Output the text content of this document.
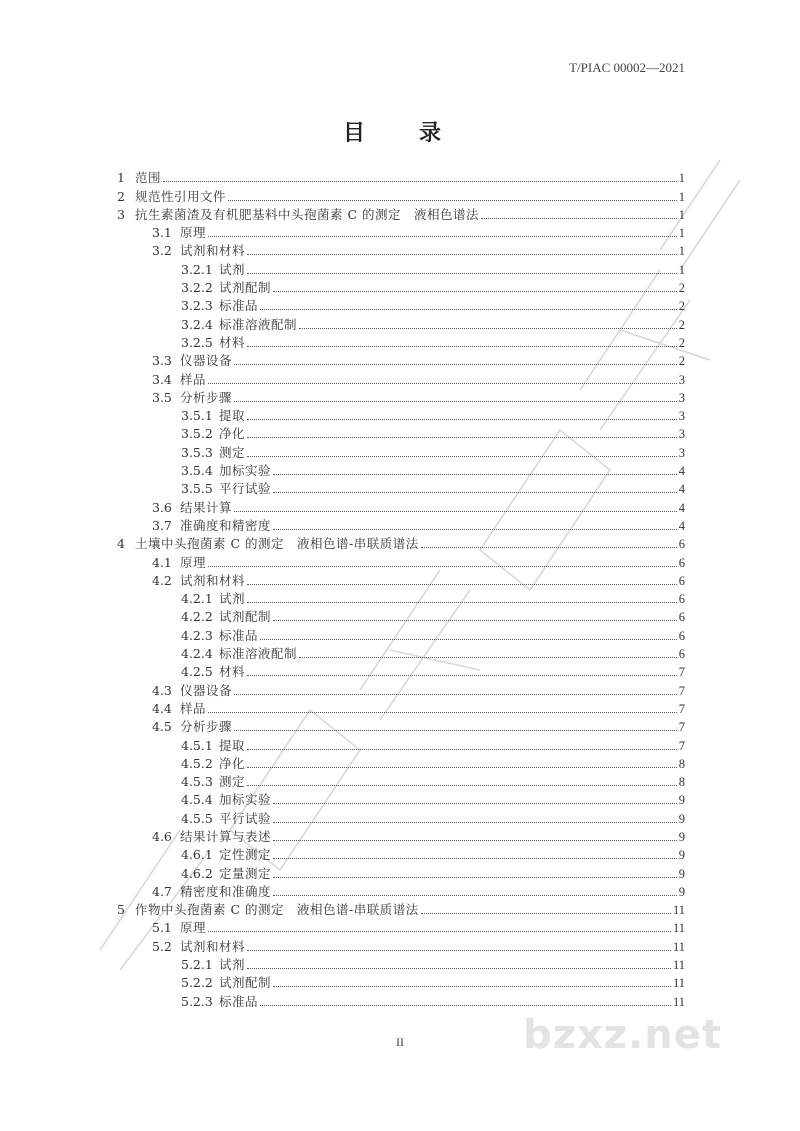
T/PIAC 00002—2021
目　录
1 范围	1
2 规范性引用文件	1
3 抗生素菌渣及有机肥基料中头孢菌素 C 的测定　液相色谱法	1
3.1 原理	1
3.2 试剂和材料	1
3.2.1 试剂	1
3.2.2 试剂配制	2
3.2.3 标准品	2
3.2.4 标准溶液配制	2
3.2.5 材料	2
3.3 仪器设备	2
3.4 样品	3
3.5 分析步骤	3
3.5.1 提取	3
3.5.2 净化	3
3.5.3 测定	3
3.5.4 加标实验	4
3.5.5 平行试验	4
3.6 结果计算	4
3.7 准确度和精密度	4
4 土壤中头孢菌素 C 的测定　液相色谱-串联质谱法	6
4.1 原理	6
4.2 试剂和材料	6
4.2.1 试剂	6
4.2.2 试剂配制	6
4.2.3 标准品	6
4.2.4 标准溶液配制	6
4.2.5 材料	7
4.3 仪器设备	7
4.4 样品	7
4.5 分析步骤	7
4.5.1 提取	7
4.5.2 净化	8
4.5.3 测定	8
4.5.4 加标实验	9
4.5.5 平行试验	9
4.6 结果计算与表述	9
4.6.1 定性测定	9
4.6.2 定量测定	9
4.7 精密度和准确度	9
5 作物中头孢菌素 C 的测定　液相色谱-串联质谱法	11
5.1 原理	11
5.2 试剂和材料	11
5.2.1 试剂	11
5.2.2 试剂配制	11
5.2.3 标准品	11
II	bzxz.net
